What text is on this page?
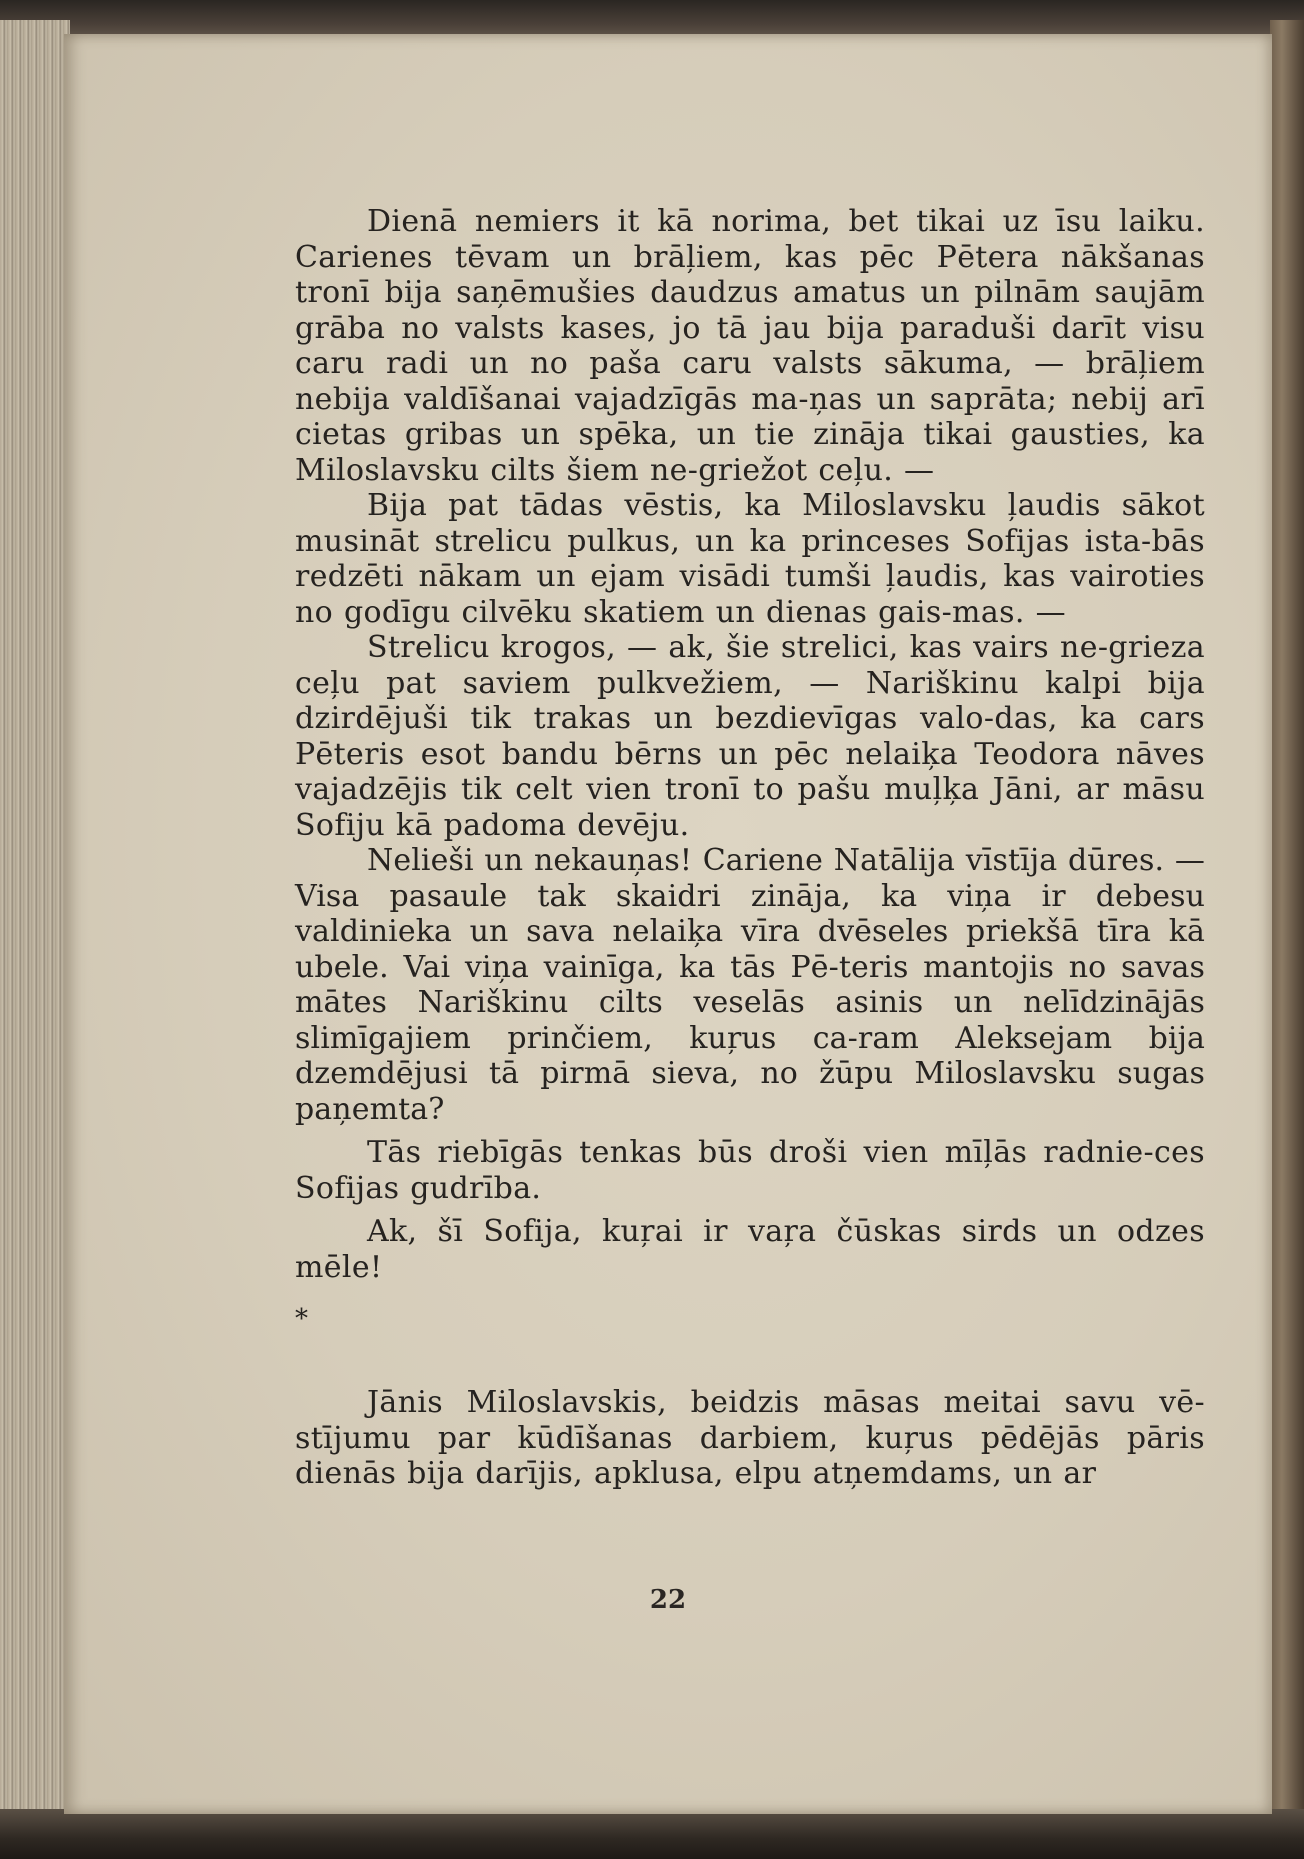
Dienā nemiers it kā norima, bet tikai uz īsu laiku. Carienes tēvam un brāļiem, kas pēc Pētera nākšanas tronī bija saņēmušies daudzus amatus un pilnām saujām grāba no valsts kases, jo tā jau bija paraduši darīt visu caru radi un no paša caru valsts sākuma, — brāļiem nebija valdīšanai vajadzīgās ma-ņas un saprāta; nebij arī cietas gribas un spēka, un tie zināja tikai gausties, ka Miloslavsku cilts šiem ne-griežot ceļu. —

Bija pat tādas vēstis, ka Miloslavsku ļaudis sākot musināt strelicu pulkus, un ka princeses Sofijas ista-bās redzēti nākam un ejam visādi tumši ļaudis, kas vairoties no godīgu cilvēku skatiem un dienas gais-mas. —

Strelicu krogos, — ak, šie strelici, kas vairs ne-grieza ceļu pat saviem pulkvežiem, — Nariškinu kalpi bija dzirdējuši tik trakas un bezdievīgas valo-das, ka cars Pēteris esot bandu bērns un pēc nelaiķa Teodora nāves vajadzējis tik celt vien tronī to pašu muļķa Jāni, ar māsu Sofiju kā padoma devēju.

Nelieši un nekauņas! Cariene Natālija vīstīja dūres. — Visa pasaule tak skaidri zināja, ka viņa ir debesu valdinieka un sava nelaiķa vīra dvēseles priekšā tīra kā ubele. Vai viņa vainīga, ka tās Pē-teris mantojis no savas mātes Nariškinu cilts veselās asinis un nelīdzinājās slimīgajiem prinčiem, kuŗus ca-ram Aleksejam bija dzemdējusi tā pirmā sieva, no žūpu Miloslavsku sugas paņemta?

Tās riebīgās tenkas būs droši vien mīļās radnie-ces Sofijas gudrība.

Ak, šī Sofija, kuŗai ir vaŗa čūskas sirds un odzes mēle!

*

Jānis Miloslavskis, beidzis māsas meitai savu vē-stījumu par kūdīšanas darbiem, kuŗus pēdējās pāris dienās bija darījis, apklusa, elpu atņemdams, un ar

22
